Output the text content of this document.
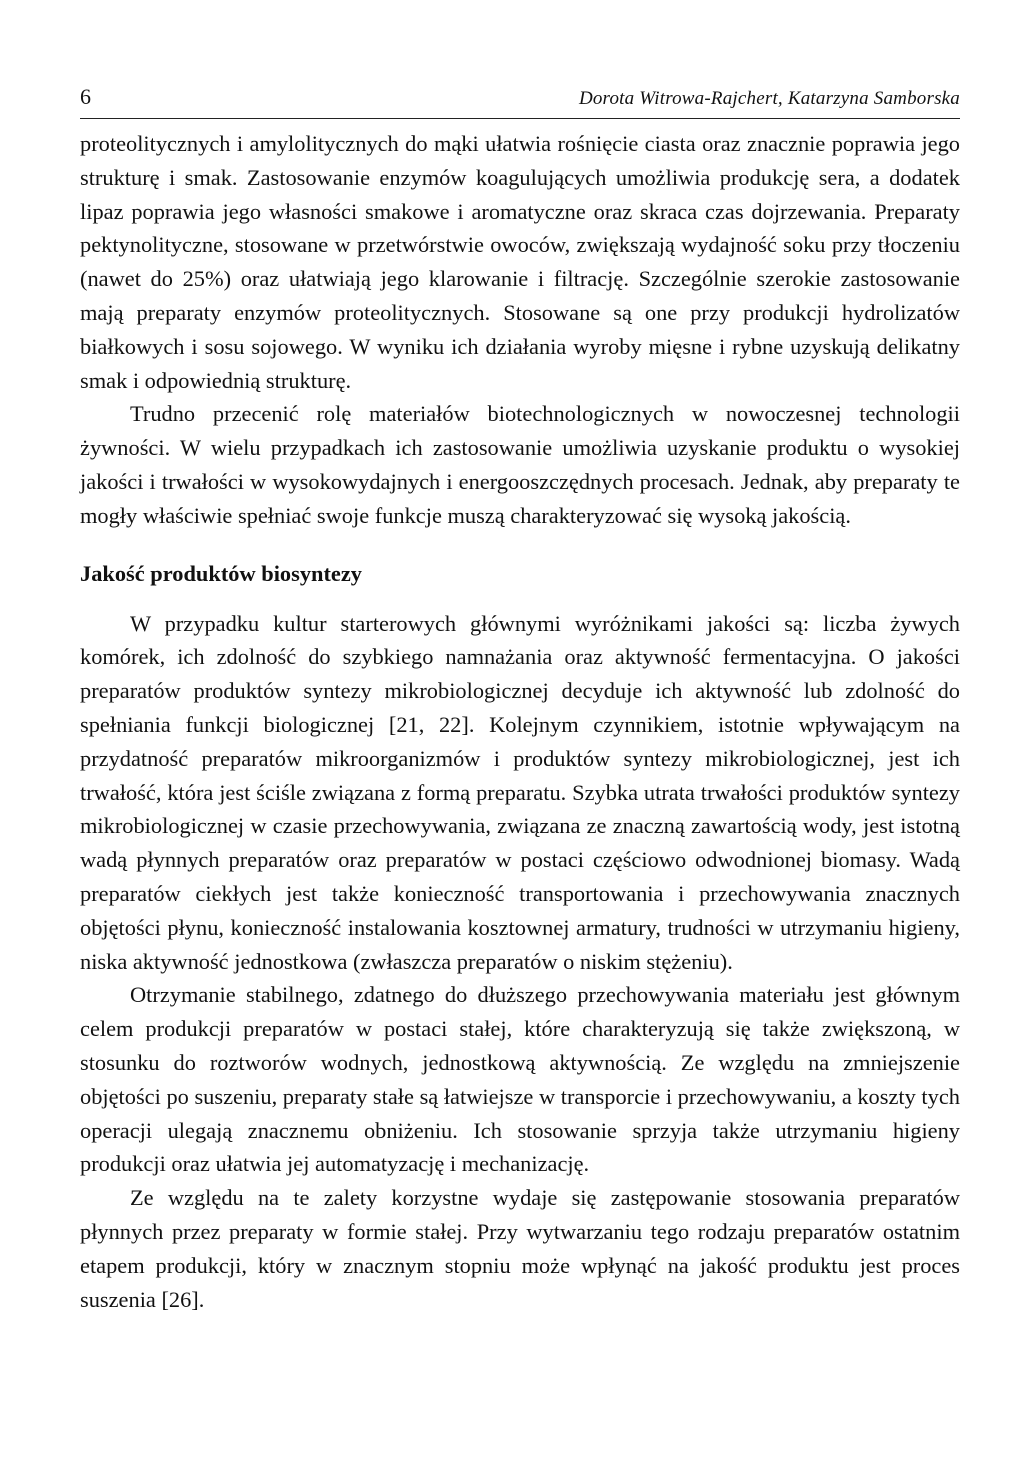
6	Dorota Witrowa-Rajchert, Katarzyna Samborska

proteolitycznych i amylolitycznych do mąki ułatwia rośnięcie ciasta oraz znacznie poprawia jego strukturę i smak. Zastosowanie enzymów koagulujących umożliwia produkcję sera, a dodatek lipaz poprawia jego własności smakowe i aromatyczne oraz skraca czas dojrzewania. Preparaty pektynolityczne, stosowane w przetwórstwie owoców, zwiększają wydajność soku przy tłoczeniu (nawet do 25%) oraz ułatwiają jego klarowanie i filtrację. Szczególnie szerokie zastosowanie mają preparaty enzymów proteolitycznych. Stosowane są one przy produkcji hydrolizatów białkowych i sosu sojowego. W wyniku ich działania wyroby mięsne i rybne uzyskują delikatny smak i odpowiednią strukturę.

Trudno przecenić rolę materiałów biotechnologicznych w nowoczesnej technologii żywności. W wielu przypadkach ich zastosowanie umożliwia uzyskanie produktu o wysokiej jakości i trwałości w wysokowydajnych i energooszczędnych procesach. Jednak, aby preparaty te mogły właściwie spełniać swoje funkcje muszą charakteryzować się wysoką jakością.

Jakość produktów biosyntezy

W przypadku kultur starterowych głównymi wyróżnikami jakości są: liczba żywych komórek, ich zdolność do szybkiego namnażania oraz aktywność fermentacyjna. O jakości preparatów produktów syntezy mikrobiologicznej decyduje ich aktywność lub zdolność do spełniania funkcji biologicznej [21, 22]. Kolejnym czynnikiem, istotnie wpływającym na przydatność preparatów mikroorganizmów i produktów syntezy mikrobiologicznej, jest ich trwałość, która jest ściśle związana z formą preparatu. Szybka utrata trwałości produktów syntezy mikrobiologicznej w czasie przechowywania, związana ze znaczną zawartością wody, jest istotną wadą płynnych preparatów oraz preparatów w postaci częściowo odwodnionej biomasy. Wadą preparatów ciekłych jest także konieczność transportowania i przechowywania znacznych objętości płynu, konieczność instalowania kosztownej armatury, trudności w utrzymaniu higieny, niska aktywność jednostkowa (zwłaszcza preparatów o niskim stężeniu).

Otrzymanie stabilnego, zdatnego do dłuższego przechowywania materiału jest głównym celem produkcji preparatów w postaci stałej, które charakteryzują się także zwiększoną, w stosunku do roztworów wodnych, jednostkową aktywnością. Ze względu na zmniejszenie objętości po suszeniu, preparaty stałe są łatwiejsze w transporcie i przechowywaniu, a koszty tych operacji ulegają znacznemu obniżeniu. Ich stosowanie sprzyja także utrzymaniu higieny produkcji oraz ułatwia jej automatyzację i mechanizację.

Ze względu na te zalety korzystne wydaje się zastępowanie stosowania preparatów płynnych przez preparaty w formie stałej. Przy wytwarzaniu tego rodzaju preparatów ostatnim etapem produkcji, który w znacznym stopniu może wpłynąć na jakość produktu jest proces suszenia [26].
